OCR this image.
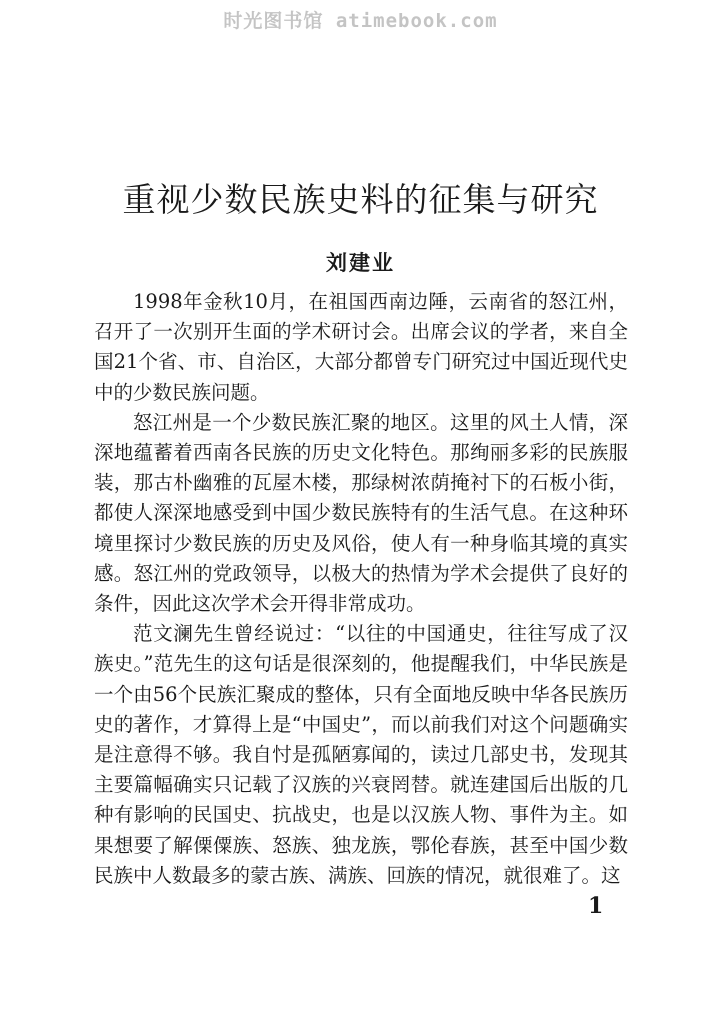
时光图书馆 atimebook.com
重视少数民族史料的征集与研究
刘建业

1998年金秋10月，在祖国西南边陲，云南省的怒江州，召开了一次别开生面的学术研讨会。出席会议的学者，来自全国21个省、市、自治区，大部分都曾专门研究过中国近现代史中的少数民族问题。

怒江州是一个少数民族汇聚的地区。这里的风土人情，深深地蕴蓄着西南各民族的历史文化特色。那绚丽多彩的民族服装，那古朴幽雅的瓦屋木楼，那绿树浓荫掩衬下的石板小街，都使人深深地感受到中国少数民族特有的生活气息。在这种环境里探讨少数民族的历史及风俗，使人有一种身临其境的真实感。怒江州的党政领导，以极大的热情为学术会提供了良好的条件，因此这次学术会开得非常成功。

范文澜先生曾经说过：“以往的中国通史，往往写成了汉族史。”范先生的这句话是很深刻的，他提醒我们，中华民族是一个由56个民族汇聚成的整体，只有全面地反映中华各民族历史的著作，才算得上是“中国史”，而以前我们对这个问题确实是注意得不够。我自忖是孤陋寡闻的，读过几部史书，发现其主要篇幅确实只记载了汉族的兴衰罔替。就连建国后出版的几种有影响的民国史、抗战史，也是以汉族人物、事件为主。如果想要了解傈僳族、怒族、独龙族，鄂伦春族，甚至中国少数民族中人数最多的蒙古族、满族、回族的情况，就很难了。这

1
